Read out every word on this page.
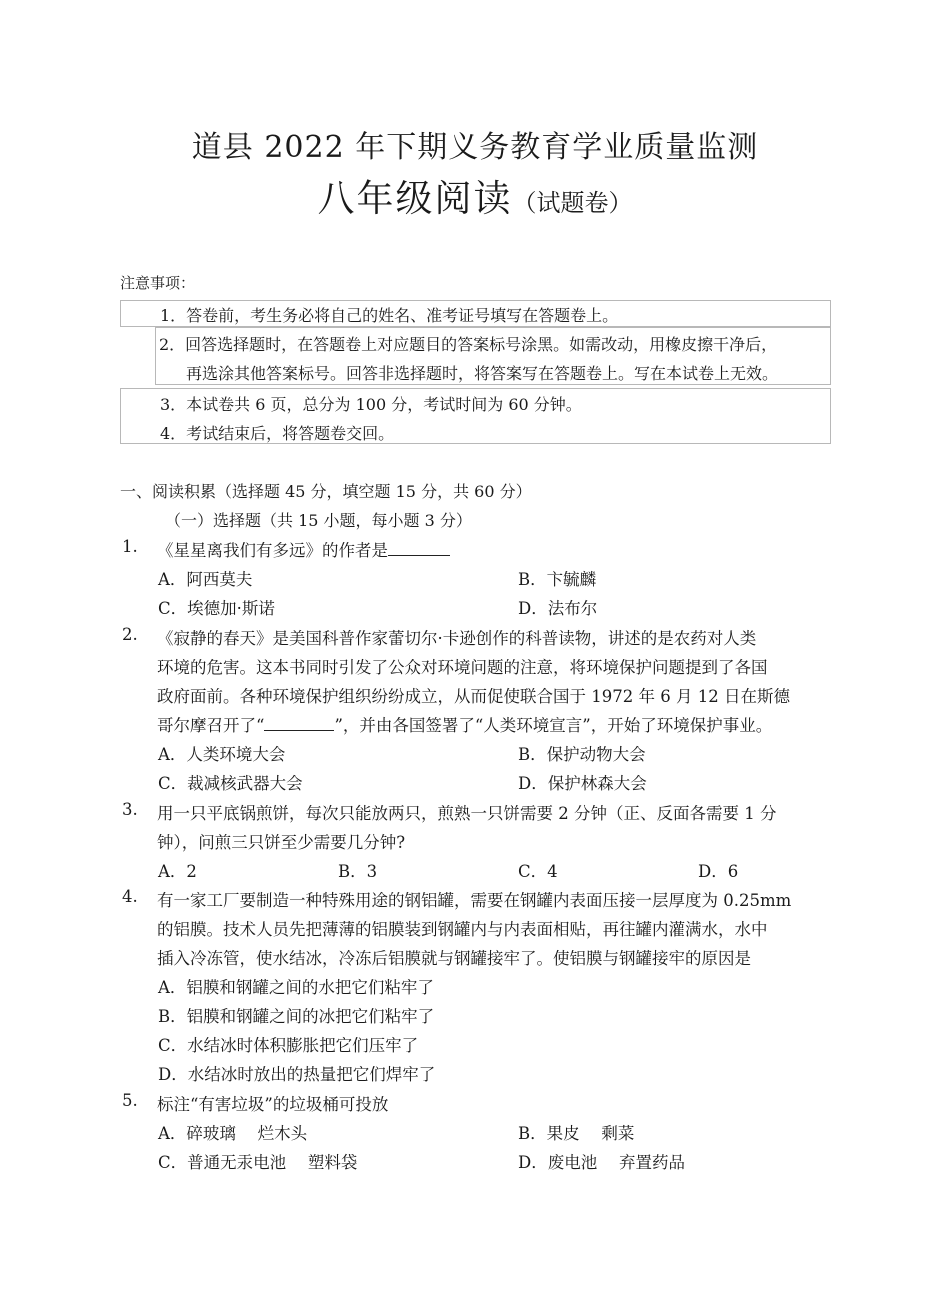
道县 2022 年下期义务教育学业质量监测
八年级阅读（试题卷）
注意事项：
1．答卷前，考生务必将自己的姓名、准考证号填写在答题卷上。
2．回答选择题时，在答题卷上对应题目的答案标号涂黑。如需改动，用橡皮擦干净后，
再选涂其他答案标号。回答非选择题时，将答案写在答题卷上。写在本试卷上无效。
3．本试卷共 6 页，总分为 100 分，考试时间为 60 分钟。
4．考试结束后，将答题卷交回。
一、阅读积累（选择题 45 分，填空题 15 分，共 60 分）
（一）选择题（共 15 小题，每小题 3 分）
1. 《星星离我们有多远》的作者是
A．阿西莫夫	B．卞毓麟
C．埃德加·斯诺	D．法布尔
2. 《寂静的春天》是美国科普作家蕾切尔·卡逊创作的科普读物，讲述的是农药对人类
环境的危害。这本书同时引发了公众对环境问题的注意，将环境保护问题提到了各国
政府面前。各种环境保护组织纷纷成立，从而促使联合国于 1972 年 6 月 12 日在斯德
哥尔摩召开了“	”，并由各国签署了“人类环境宣言”，开始了环境保护事业。
A．人类环境大会	B．保护动物大会
C．裁减核武器大会	D．保护林森大会
3. 用一只平底锅煎饼，每次只能放两只，煎熟一只饼需要 2 分钟（正、反面各需要 1 分
钟），问煎三只饼至少需要几分钟?
A．2	B．3	C．4	D．6
4. 有一家工厂要制造一种特殊用途的钢铝罐，需要在钢罐内表面压接一层厚度为 0.25mm
的铝膜。技术人员先把薄薄的铝膜装到钢罐内与内表面相贴，再往罐内灌满水，水中
插入冷冻管，使水结冰，冷冻后铝膜就与钢罐接牢了。使铝膜与钢罐接牢的原因是
A．铝膜和钢罐之间的水把它们粘牢了
B．铝膜和钢罐之间的冰把它们粘牢了
C．水结冰时体积膨胀把它们压牢了
D．水结冰时放出的热量把它们焊牢了
5. 标注“有害垃圾”的垃圾桶可投放
A．碎玻璃　 烂木头	B．果皮　 剩菜
C．普通无汞电池　 塑料袋	D．废电池　 弃置药品
